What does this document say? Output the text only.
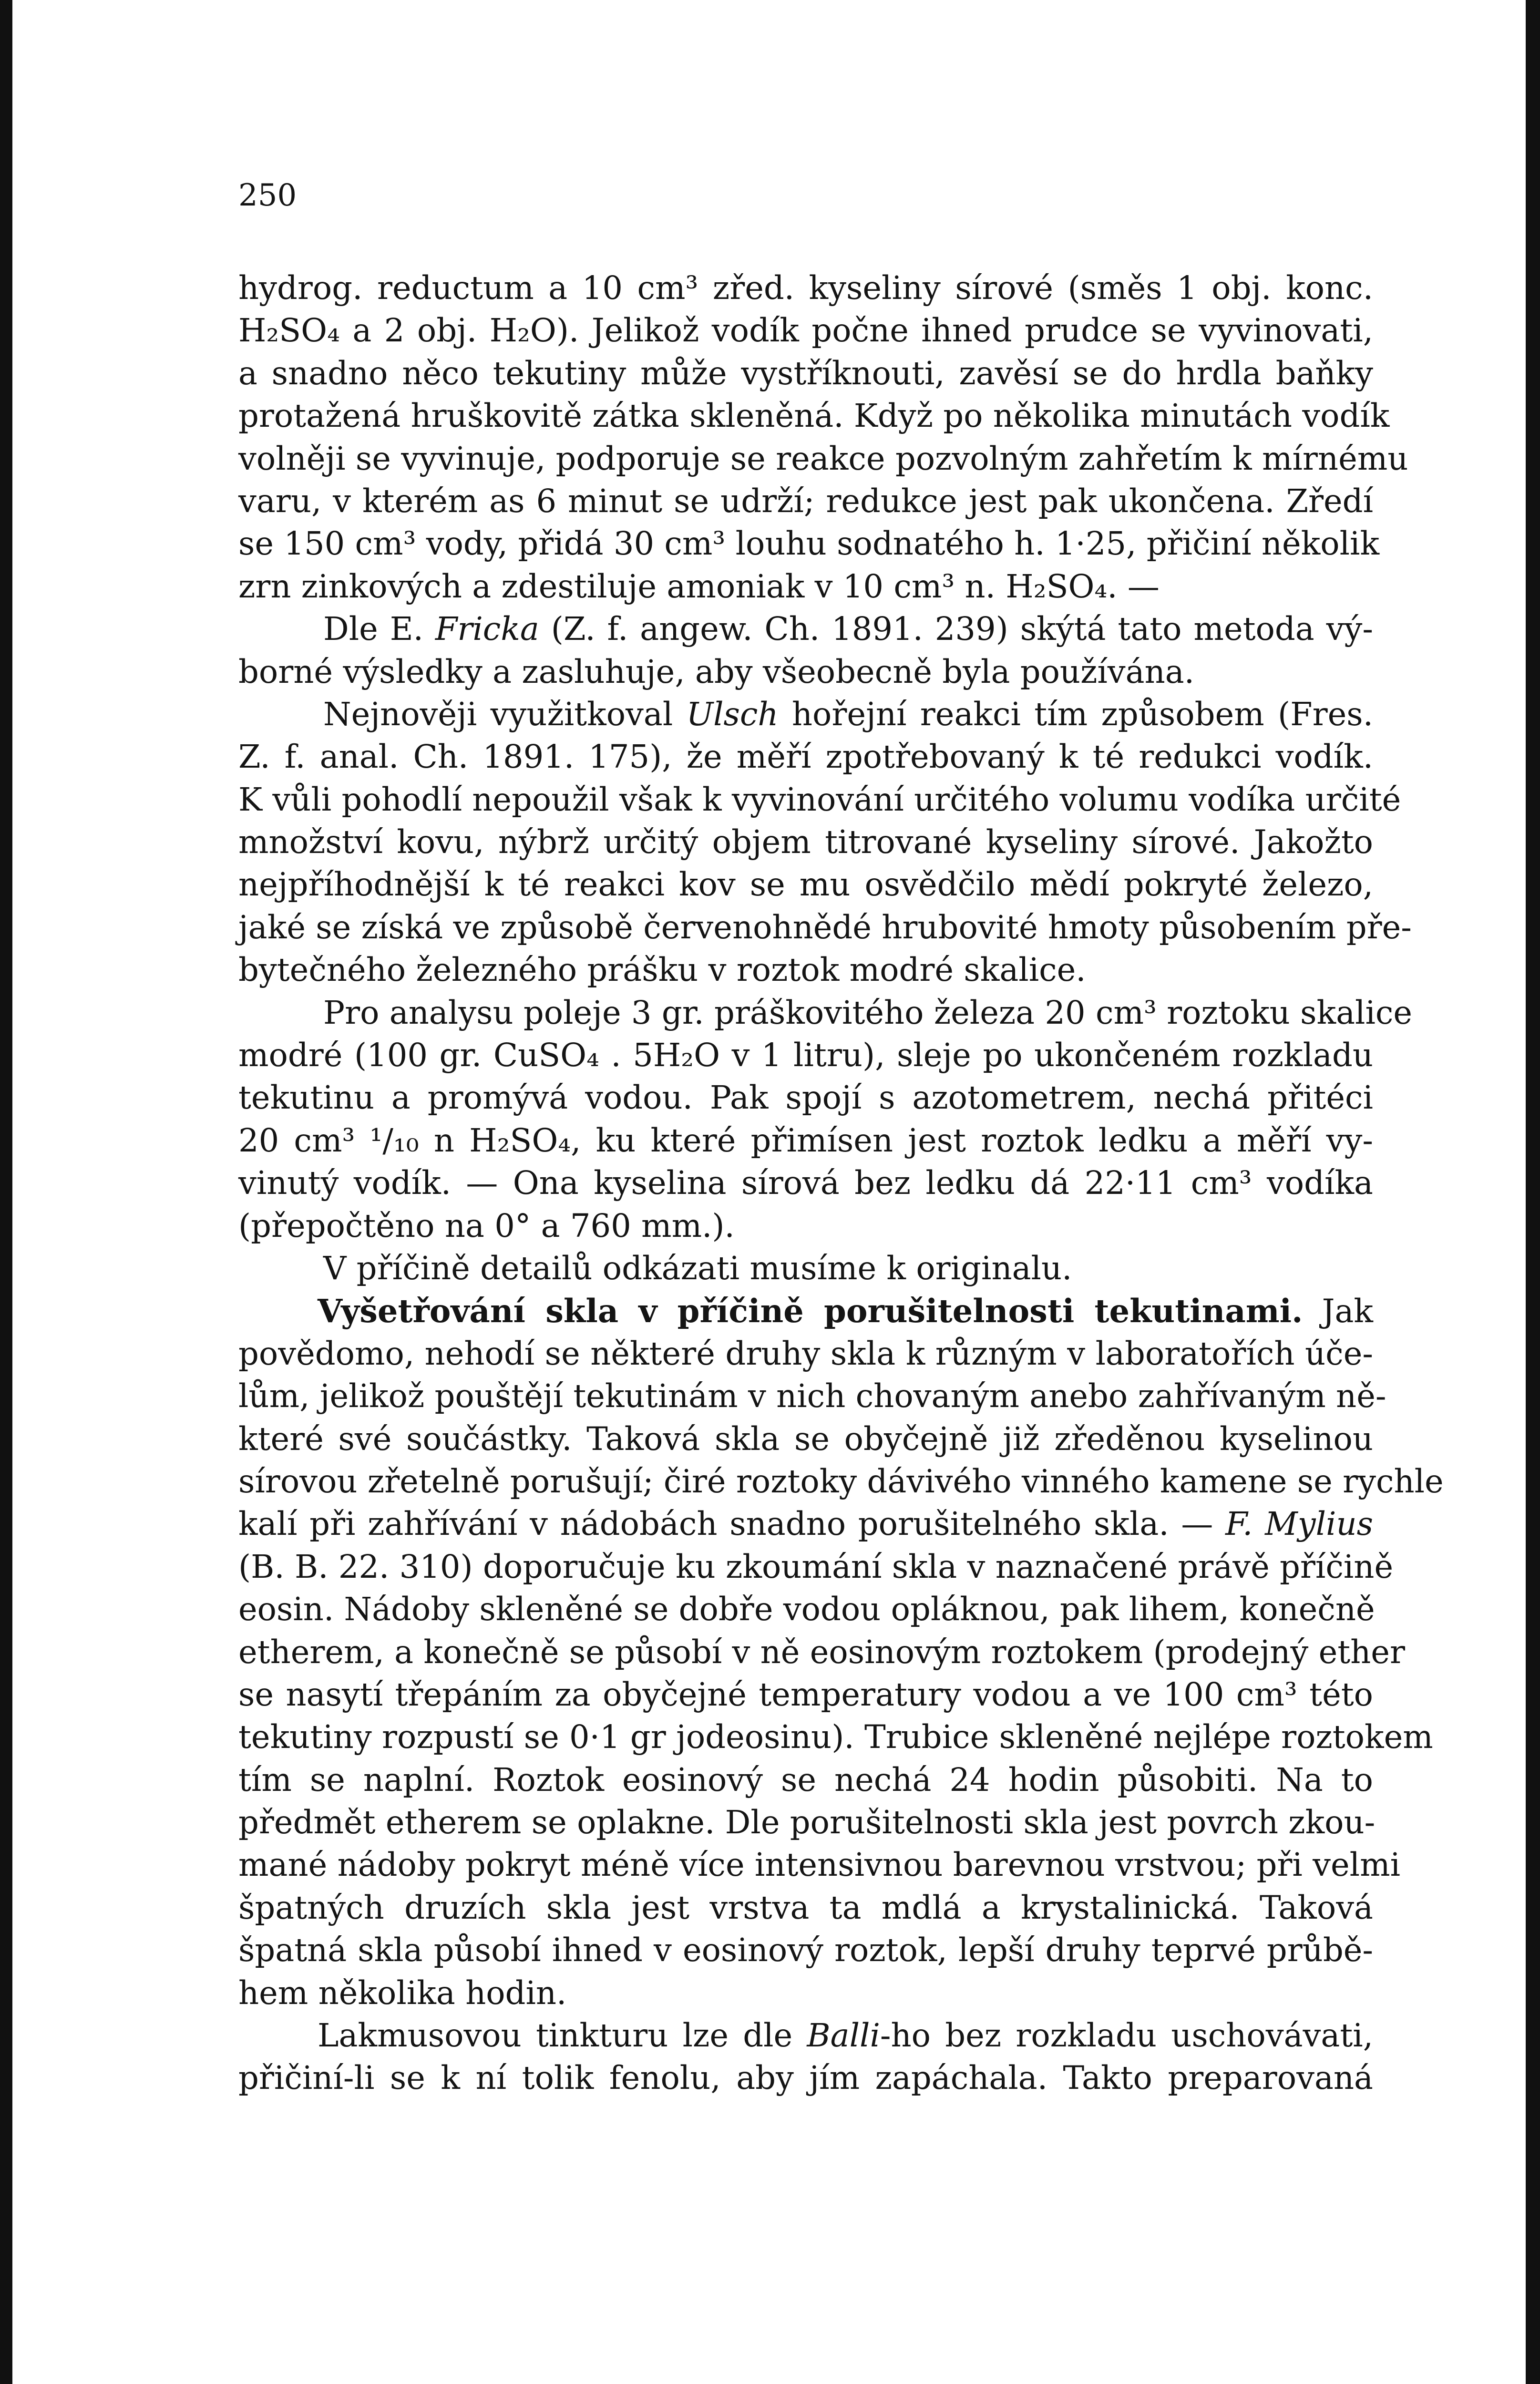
250
hydrog. reductum a 10 cm³ zřed. kyseliny sírové (směs 1 obj. konc.
H₂SO₄ a 2 obj. H₂O). Jelikož vodík počne ihned prudce se vyvinovati,
a snadno něco tekutiny může vystříknouti, zavěsí se do hrdla baňky
protažená hruškovitě zátka skleněná. Když po několika minutách vodík
volněji se vyvinuje, podporuje se reakce pozvolným zahřetím k mírnému
varu, v kterém as 6 minut se udrží; redukce jest pak ukončena. Zředí
se 150 cm³ vody, přidá 30 cm³ louhu sodnatého h. 1·25, přičiní několik
zrn zinkových a zdestiluje amoniak v 10 cm³ n. H₂SO₄. —
Dle E. Fricka (Z. f. angew. Ch. 1891. 239) skýtá tato metoda vý-
borné výsledky a zasluhuje, aby všeobecně byla používána.
Nejnověji využitkoval Ulsch hořejní reakci tím způsobem (Fres.
Z. f. anal. Ch. 1891. 175), že měří zpotřebovaný k té redukci vodík.
K vůli pohodlí nepoužil však k vyvinování určitého volumu vodíka určité
množství kovu, nýbrž určitý objem titrované kyseliny sírové. Jakožto
nejpříhodnější k té reakci kov se mu osvědčilo mědí pokryté železo,
jaké se získá ve způsobě červenohnědé hrubovité hmoty působením pře-
bytečného železného prášku v roztok modré skalice.
Pro analysu poleje 3 gr. práškovitého železa 20 cm³ roztoku skalice
modré (100 gr. CuSO₄ . 5H₂O v 1 litru), sleje po ukončeném rozkladu
tekutinu a promývá vodou. Pak spojí s azotometrem, nechá přitéci
20 cm³ ¹/₁₀ n H₂SO₄, ku které přimísen jest roztok ledku a měří vy-
vinutý vodík. — Ona kyselina sírová bez ledku dá 22·11 cm³ vodíka
(přepočtěno na 0° a 760 mm.).
V příčině detailů odkázati musíme k originalu.
Vyšetřování skla v příčině porušitelnosti tekutinami. Jak
povědomo, nehodí se některé druhy skla k různým v laboratořích úče-
lům, jelikož pouštějí tekutinám v nich chovaným anebo zahřívaným ně-
které své součástky. Taková skla se obyčejně již zředěnou kyselinou
sírovou zřetelně porušují; čiré roztoky dávivého vinného kamene se rychle
kalí při zahřívání v nádobách snadno porušitelného skla. — F. Mylius
(B. B. 22. 310) doporučuje ku zkoumání skla v naznačené právě příčině
eosin. Nádoby skleněné se dobře vodou opláknou, pak lihem, konečně
etherem, a konečně se působí v ně eosinovým roztokem (prodejný ether
se nasytí třepáním za obyčejné temperatury vodou a ve 100 cm³ této
tekutiny rozpustí se 0·1 gr jodeosinu). Trubice skleněné nejlépe roztokem
tím se naplní. Roztok eosinový se nechá 24 hodin působiti. Na to
předmět etherem se oplakne. Dle porušitelnosti skla jest povrch zkou-
mané nádoby pokryt méně více intensivnou barevnou vrstvou; při velmi
špatných druzích skla jest vrstva ta mdlá a krystalinická. Taková
špatná skla působí ihned v eosinový roztok, lepší druhy teprvé průbě-
hem několika hodin.
Lakmusovou tinkturu lze dle Balli-ho bez rozkladu uschovávati,
přičiní-li se k ní tolik fenolu, aby jím zapáchala. Takto preparovaná
